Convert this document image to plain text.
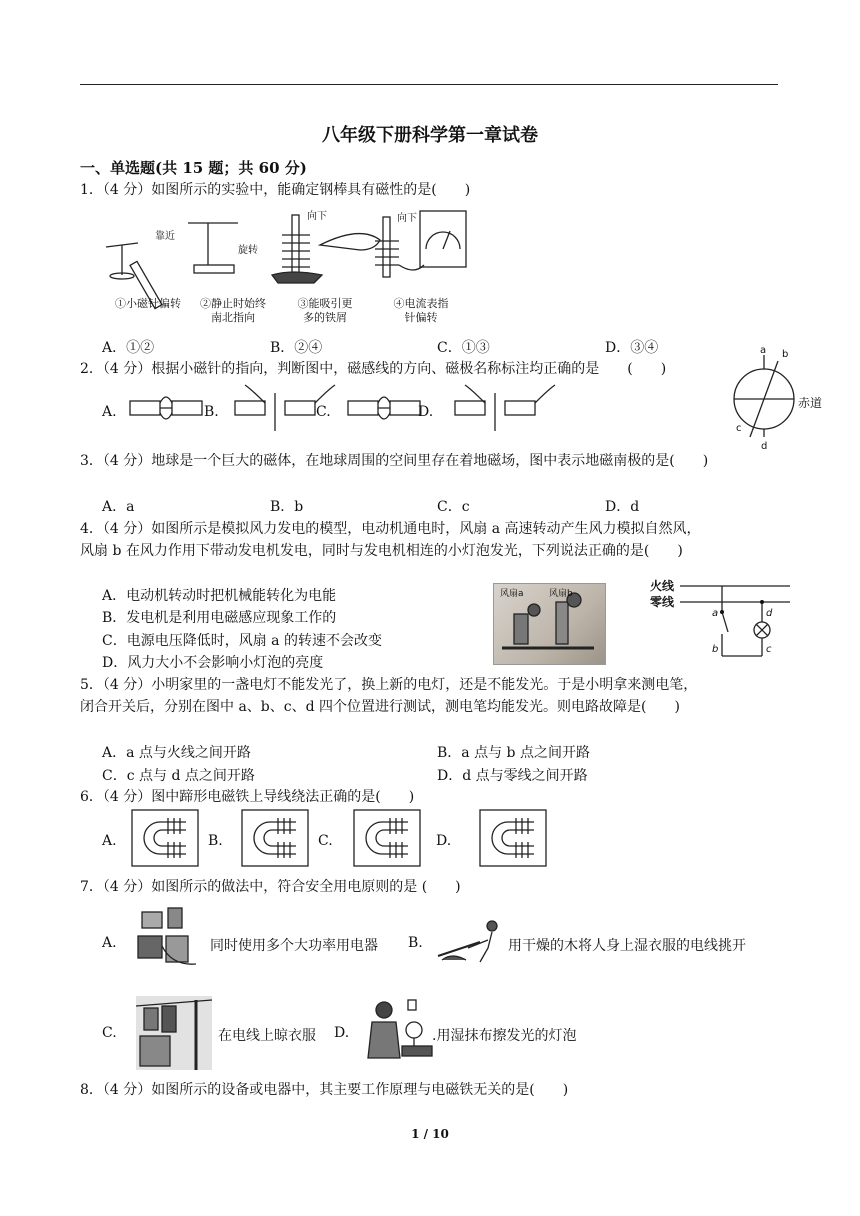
八年级下册科学第一章试卷
一、单选题(共 15 题；共 60 分)
1．（4 分）如图所示的实验中，能确定钢棒具有磁性的是(　　)
靠近
旋转
向下	向下
①小磁针偏转	②静止时始终
南北指向
③能吸引更
多的铁屑
④电流表指
针偏转
A．①②	B．②④	C．①③	D．③④	a b
c
d
赤道
2．（4 分）根据小磁针的指向，判断图中，磁感线的方向、磁极名称标注均正确的是　　(　　)
A.	B.	C.	D.
3．（4 分）地球是一个巨大的磁体，在地球周围的空间里存在着地磁场，图中表示地磁南极的是(　　)
A．a	B．b	C．c	D．d
4．（4 分）如图所示是模拟风力发电的模型，电动机通电时，风扇 a 高速转动产生风力模拟自然风，
风扇 b 在风力作用下带动发电机发电，同时与发电机相连的小灯泡发光，下列说法正确的是(　　)
A．电动机转动时把机械能转化为电能
B．发电机是利用电磁感应现象工作的
C．电源电压降低时，风扇 a 的转速不会改变
D．风力大小不会影响小灯泡的亮度
风扇a	风扇b
火线
零线
a
b	c
d
5．（4 分）小明家里的一盏电灯不能发光了，换上新的电灯，还是不能发光。于是小明拿来测电笔，
闭合开关后，分别在图中 a、b、c、d 四个位置进行测试，测电笔均能发光。则电路故障是(　　)
A．a 点与火线之间开路	B．a 点与 b 点之间开路
C．c 点与 d 点之间开路	D．d 点与零线之间开路
6．（4 分）图中蹄形电磁铁上导线绕法正确的是(　　)
A.	B.	C.	D.
7．（4 分）如图所示的做法中，符合安全用电原则的是 (　　)
A.	同时使用多个大功率用电器 B.	用干燥的木将人身上湿衣服的电线挑开
C.	在电线上晾衣服 D.	.用湿抹布擦发光的灯泡
8．（4 分）如图所示的设备或电器中，其主要工作原理与电磁铁无关的是(　　)
1 / 10
